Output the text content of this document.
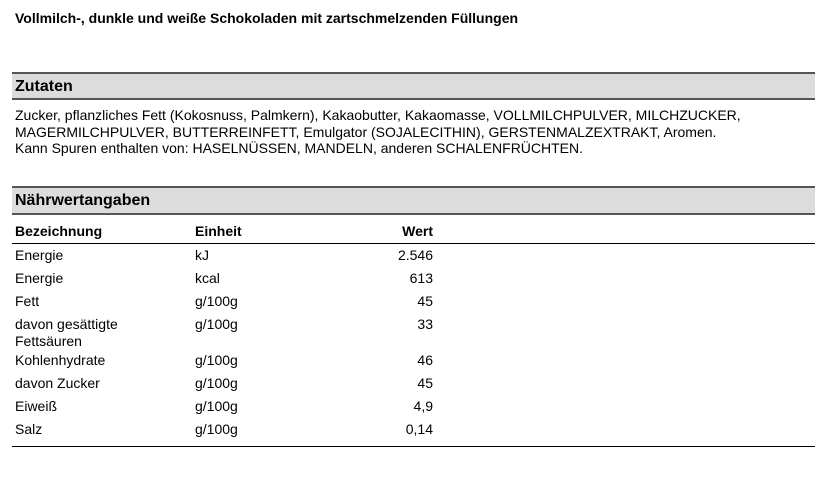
Vollmilch-, dunkle und weiße Schokoladen mit zartschmelzenden Füllungen
Zutaten
Zucker, pflanzliches Fett (Kokosnuss, Palmkern), Kakaobutter, Kakaomasse, VOLLMILCHPULVER, MILCHZUCKER,
MAGERMILCHPULVER, BUTTERREINFETT, Emulgator (SOJALECITHIN), GERSTENMALZEXTRAKT, Aromen.
Kann Spuren enthalten von: HASELNÜSSEN, MANDELN, anderen SCHALENFRÜCHTEN.
Nährwertangaben
Bezeichnung	Einheit	Wert	

Energie	kJ	2.546	

Energie	kcal	613	

Fett	g/100g	45	

davon gesättigte
Fettsäuren	g/100g	33	

Kohlenhydrate	g/100g	46	

davon Zucker	g/100g	45	

Eiweiß	g/100g	4,9	

Salz	g/100g	0,14	
